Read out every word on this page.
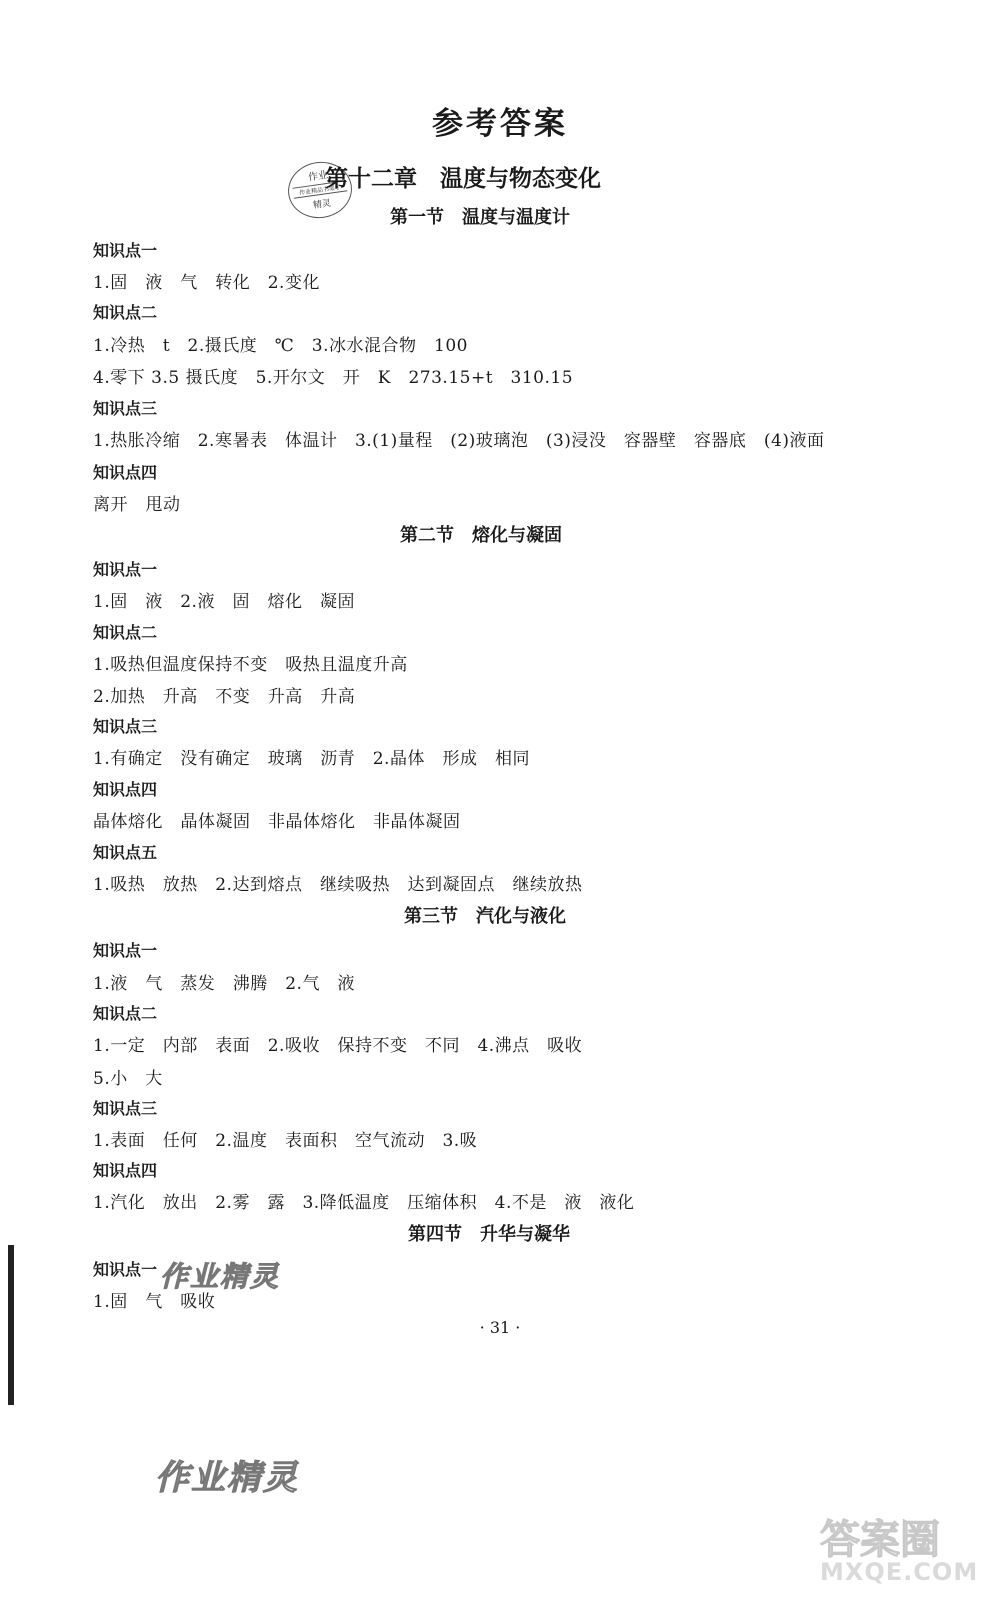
参考答案
作业
作业精品书架子
精灵
第十二章　温度与物态变化
第一节　温度与温度计
知识点一
1.固　液　气　转化　2.变化
知识点二
1.冷热　t　2.摄氏度　℃　3.冰水混合物　100
4.零下 3.5 摄氏度　5.开尔文　开　K　273.15+t　310.15
知识点三
1.热胀冷缩　2.寒暑表　体温计　3.(1)量程　(2)玻璃泡　(3)浸没　容器壁　容器底　(4)液面
知识点四
离开　甩动
第二节　熔化与凝固
知识点一
1.固　液　2.液　固　熔化　凝固
知识点二
1.吸热但温度保持不变　吸热且温度升高
2.加热　升高　不变　升高　升高
知识点三
1.有确定　没有确定　玻璃　沥青　2.晶体　形成　相同
知识点四
晶体熔化　晶体凝固　非晶体熔化　非晶体凝固
知识点五
1.吸热　放热　2.达到熔点　继续吸热　达到凝固点　继续放热
第三节　汽化与液化
知识点一
1.液　气　蒸发　沸腾　2.气　液
知识点二
1.一定　内部　表面　2.吸收　保持不变　不同　4.沸点　吸收
5.小　大
知识点三
1.表面　任何　2.温度　表面积　空气流动　3.吸
知识点四
1.汽化　放出　2.雾　露　3.降低温度　压缩体积　4.不是　液　液化
第四节　升华与凝华
知识点一
1.固　气　吸收
作业精灵
作业精灵
· 31 ·
答案圈
MXQE.COM
